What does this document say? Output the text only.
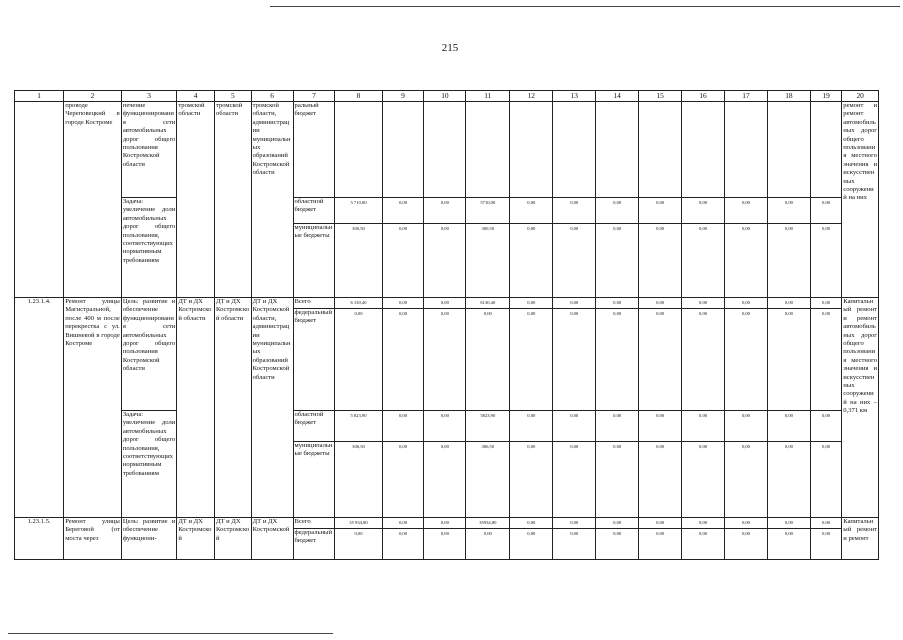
215
1	2	3	4	5	6	7	8	9	10	11	12	13	14	15	16	17	18	19	20
	проводе Череповецкий в городе Костроме	печение функционирования сети автомобильных дорог общего пользования Костромской области	тромской области	тромской области	тромской области, администрации муниципальных образований Костромской области	ральный бюджет													ремонт и ремонт автомобильных дорог общего пользования местного значения и искусственных сооружений на них
		Задача: увеличение доли автомобильных дорог общего пользования, соответствующих нормативным требованиям				областной бюджет	5 710,00	0,00	0,00	5710,00	0,00	0,00	0,00	0,00	0,00	0,00	0,00	0,00	
						муниципальные бюджеты	300,50	0,00	0,00	300,50	0,00	0,00	0,00	0,00	0,00	0,00	0,00	0,00	
1.23.1.4.	Ремонт улицы Магистральной, после 400 м после перекрестка с ул. Вишневой в городе Костроме	Цель: развитие и обеспечение функционирования сети автомобильных дорог общего пользования Костромской области	ДТ и ДХ Костромской области	ДТ и ДХ Костромской области	ДТ и ДХ Костромской области, администрации муниципальных образований Костромской области	Всего	6 130,40	0,00	0,00	6130,40	0,00	0,00	0,00	0,00	0,00	0,00	0,00	0,00	Капитальный ремонт и ремонт автомобильных дорог общего пользования местного значения и искусственных сооружений на них – 0,371 км
						федеральный бюджет	0,00	0,00	0,00	0,00	0,00	0,00	0,00	0,00	0,00	0,00	0,00	0,00	
		Задача: увеличение доли автомобильных дорог общего пользования, соответствующих нормативным требованиям				областной бюджет	5 823,90	0,00	0,00	5823,90	0,00	0,00	0,00	0,00	0,00	0,00	0,00	0,00	
						муниципальные бюджеты	306,50	0,00	0,00	306,50	0,00	0,00	0,00	0,00	0,00	0,00	0,00	0,00	
1.23.1.5.	Ремонт улицы Береговой (от моста через	Цель: развитие и обеспечение функциони-	ДТ и ДХ Костромской	ДТ и ДХ Костромской	ДТ и ДХ Костромской	Всего	35 934,80	0,00	0,00	35934,80	0,00	0,00	0,00	0,00	0,00	0,00	0,00	0,00	Капитальный ремонт и ремонт
						федеральный бюджет	0,00	0,00	0,00	0,00	0,00	0,00	0,00	0,00	0,00	0,00	0,00	0,00	
